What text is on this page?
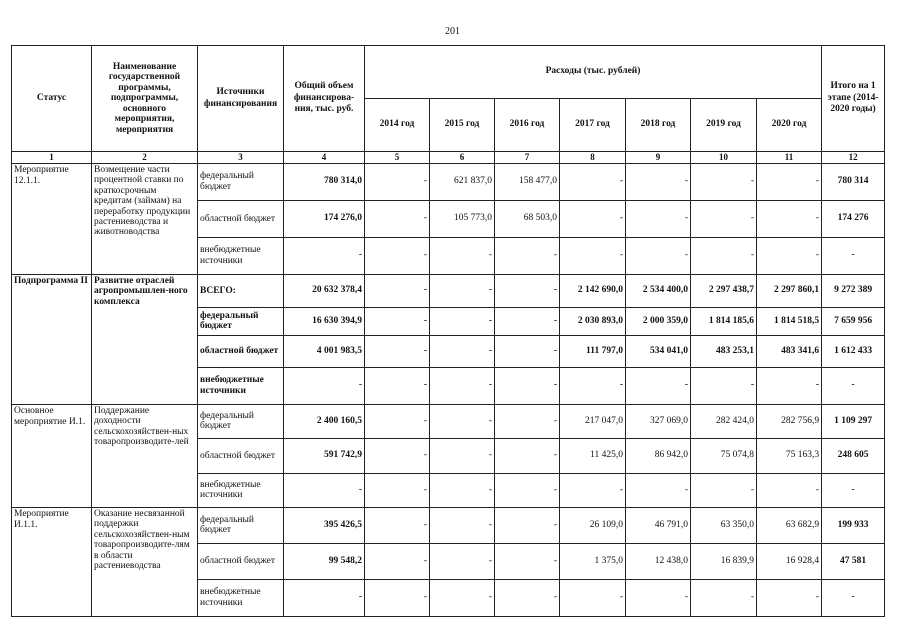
201
Статус	Наименование государственной программы, подпрограммы, основного мероприятия, мероприятия	Источники финансирования	Общий объем финансирова-ния, тыс. руб.	Расходы (тыс. рублей)							Итого на 1 этапе (2014-2020 годы)
				2014 год	2015 год	2016 год	2017 год	2018 год	2019 год	2020 год	
1	2	3	4	5	6	7	8	9	10	11	12
Мероприятие 12.1.1.	Возмещение части процентной ставки по краткосрочным кредитам (займам) на переработку продукции растениеводства и животноводства	федеральный бюджет	780 314,0	-	621 837,0	158 477,0	-	-	-	-	780 314
		областной бюджет	174 276,0	-	105 773,0	68 503,0	-	-	-	-	174 276
		внебюджетные источники	-	-	-	-	-	-	-	-	-
Подпрограмма II	Развитие отраслей агропромышлен-ного комплекса	ВСЕГО:	20 632 378,4	-	-	-	2 142 690,0	2 534 400,0	2 297 438,7	2 297 860,1	9 272 389
		федеральный бюджет	16 630 394,9	-	-	-	2 030 893,0	2 000 359,0	1 814 185,6	1 814 518,5	7 659 956
		областной бюджет	4 001 983,5	-	-	-	111 797,0	534 041,0	483 253,1	483 341,6	1 612 433
		внебюджетные источники	-	-	-	-	-	-	-	-	-
Основное мероприятие И.1.	Поддержание доходности сельскохозяйствен-ных товаропроизводите-лей	федеральный бюджет	2 400 160,5	-	-	-	217 047,0	327 069,0	282 424,0	282 756,9	1 109 297
		областной бюджет	591 742,9	-	-	-	11 425,0	86 942,0	75 074,8	75 163,3	248 605
		внебюджетные источники	-	-	-	-	-	-	-	-	-
Мероприятие И.1.1.	Оказание несвязанной поддержки сельскохозяйствен-ным товаропроизводите-лям в области растениеводства	федеральный бюджет	395 426,5	-	-	-	26 109,0	46 791,0	63 350,0	63 682,9	199 933
		областной бюджет	99 548,2	-	-	-	1 375,0	12 438,0	16 839,9	16 928,4	47 581
		внебюджетные источники	-	-	-	-	-	-	-	-	-
